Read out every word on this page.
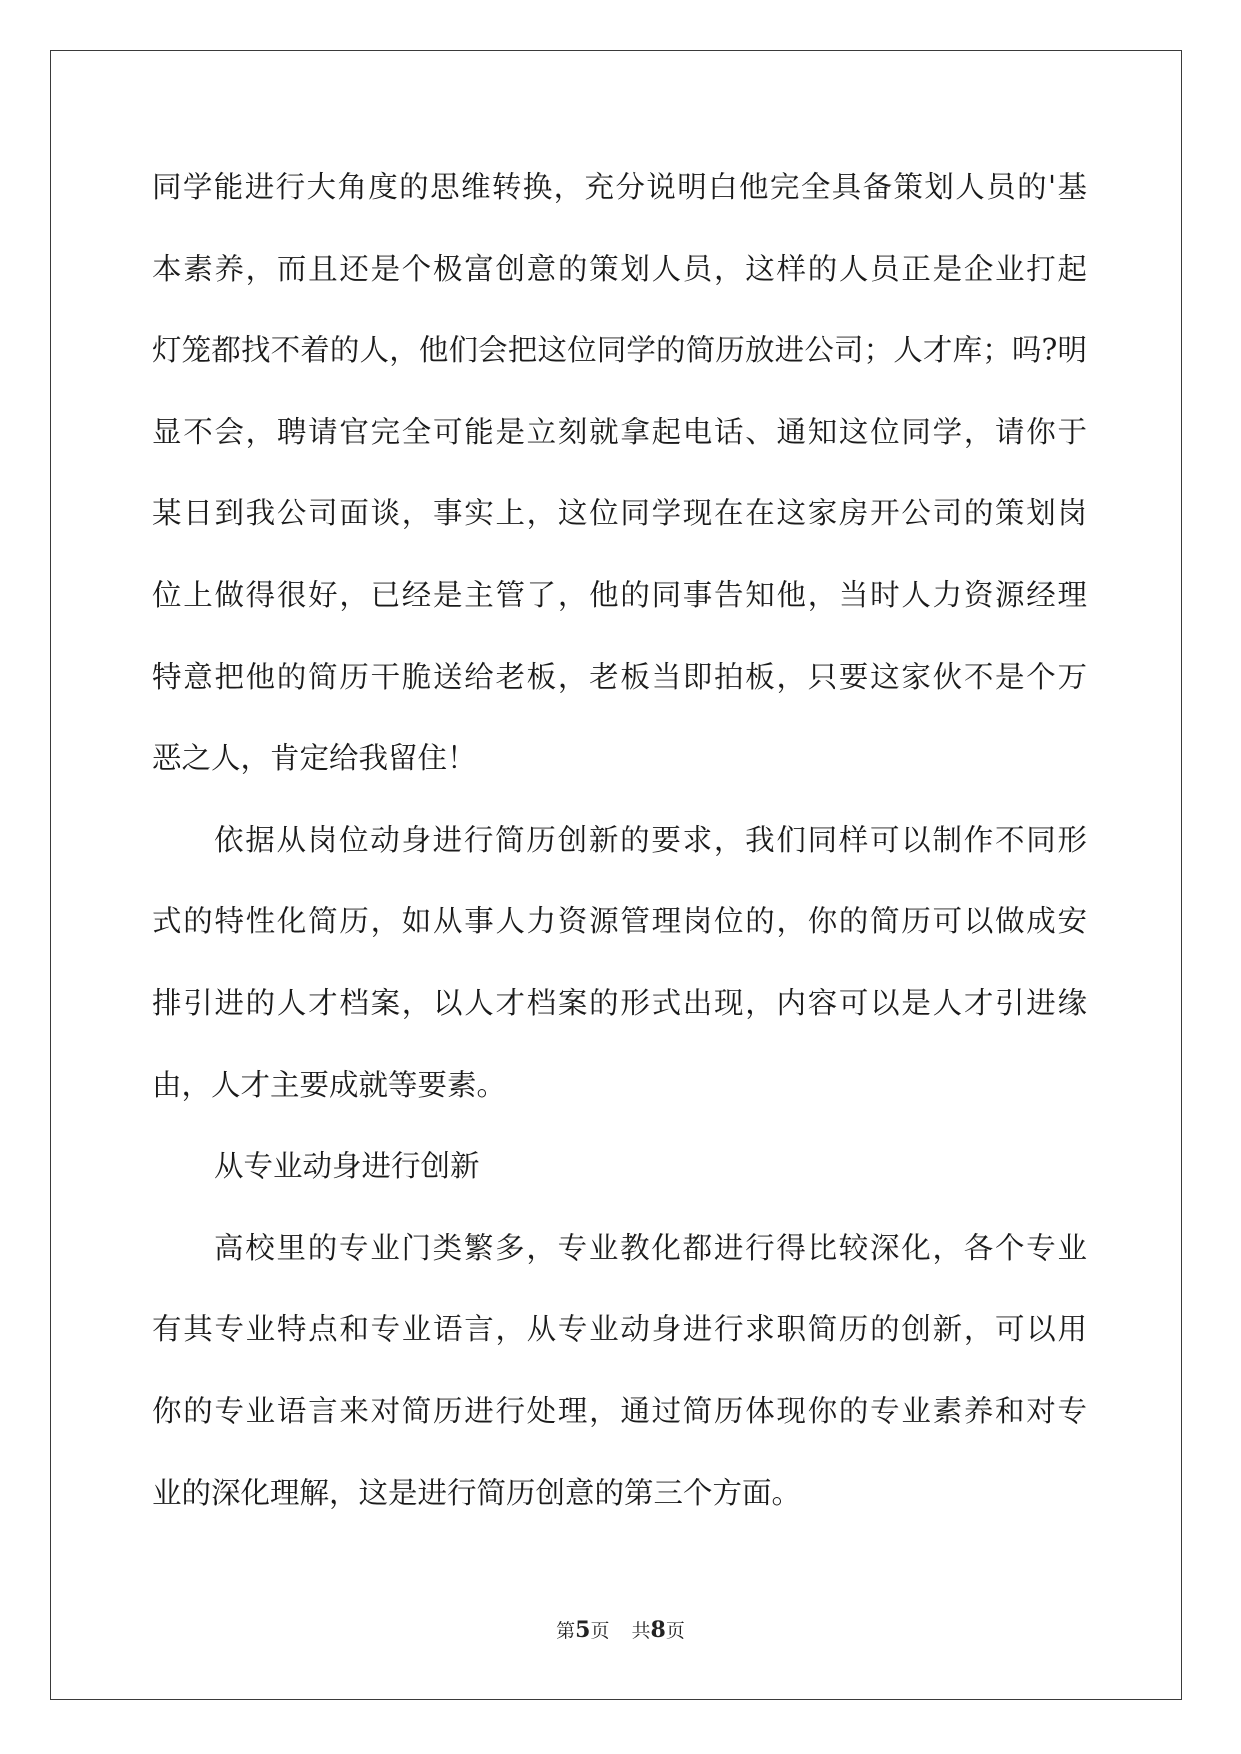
同学能进行大角度的思维转换，充分说明白他完全具备策划人员的'基
本素养，而且还是个极富创意的策划人员，这样的人员正是企业打起
灯笼都找不着的人，他们会把这位同学的简历放进公司；人才库；吗?明
显不会，聘请官完全可能是立刻就拿起电话、通知这位同学，请你于
某日到我公司面谈，事实上，这位同学现在在这家房开公司的策划岗
位上做得很好，已经是主管了，他的同事告知他，当时人力资源经理
特意把他的简历干脆送给老板，老板当即拍板，只要这家伙不是个万
恶之人，肯定给我留住！
依据从岗位动身进行简历创新的要求，我们同样可以制作不同形
式的特性化简历，如从事人力资源管理岗位的，你的简历可以做成安
排引进的人才档案，以人才档案的形式出现，内容可以是人才引进缘
由，人才主要成就等要素。
从专业动身进行创新
高校里的专业门类繁多，专业教化都进行得比较深化，各个专业
有其专业特点和专业语言，从专业动身进行求职简历的创新，可以用
你的专业语言来对简历进行处理，通过简历体现你的专业素养和对专
业的深化理解，这是进行简历创意的第三个方面。
第5页 共8页
